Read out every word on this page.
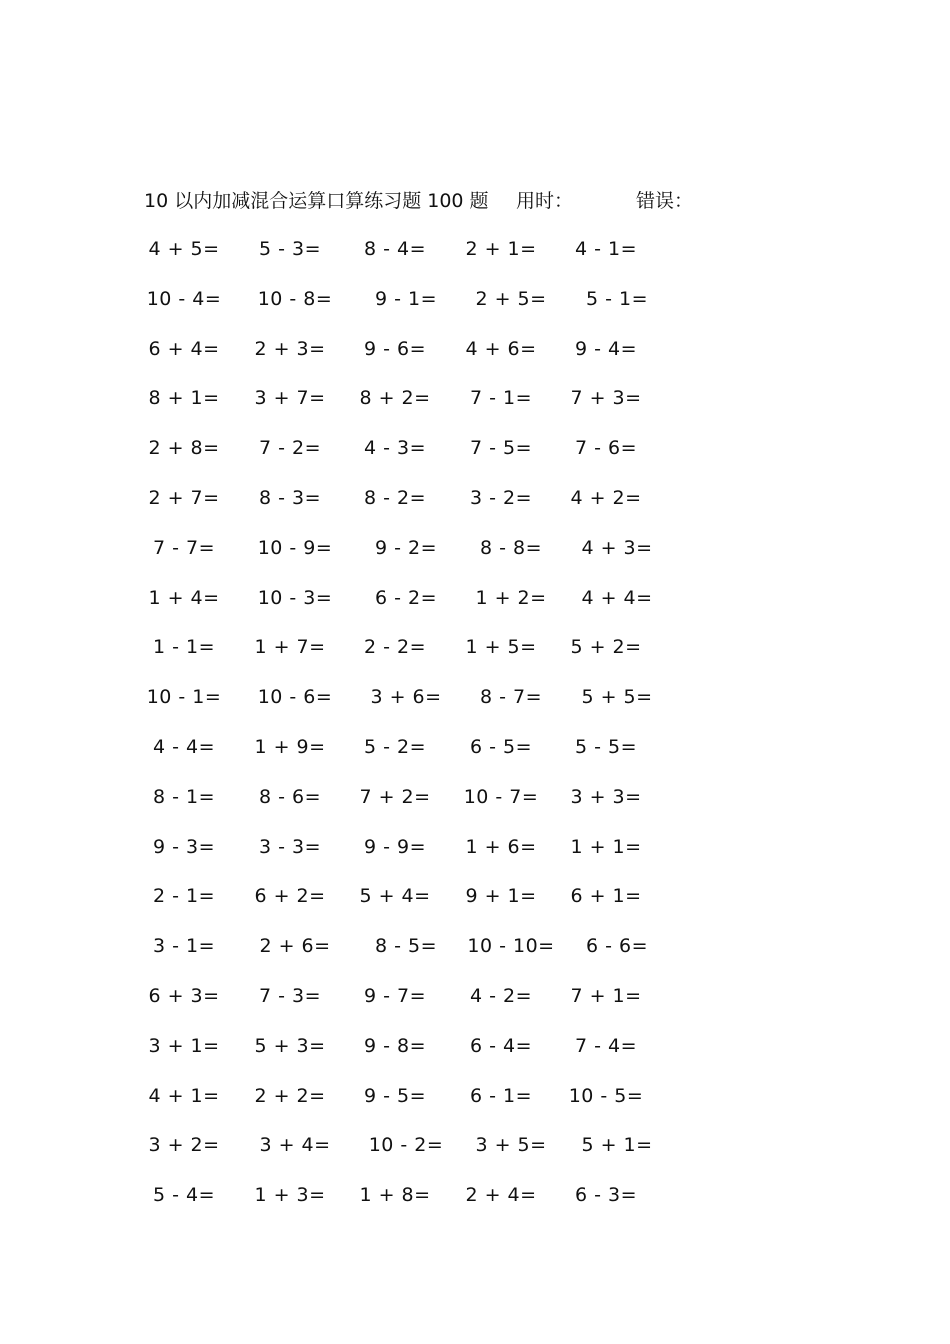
10 以内加减混合运算口算练习题 100 题 用时：	错误：
4 + 5=	5 - 3=	8 - 4=	2 + 1=	4 - 1=
10 - 4=	10 - 8=	9 - 1=	2 + 5=	5 - 1=
6 + 4=	2 + 3=	9 - 6=	4 + 6=	9 - 4=
8 + 1=	3 + 7=	8 + 2=	7 - 1=	7 + 3=
2 + 8=	7 - 2=	4 - 3=	7 - 5=	7 - 6=
2 + 7=	8 - 3=	8 - 2=	3 - 2=	4 + 2=
7 - 7=	10 - 9=	9 - 2=	8 - 8=	4 + 3=
1 + 4=	10 - 3=	6 - 2=	1 + 2=	4 + 4=
1 - 1=	1 + 7=	2 - 2=	1 + 5=	5 + 2=
10 - 1=	10 - 6=	3 + 6=	8 - 7=	5 + 5=
4 - 4=	1 + 9=	5 - 2=	6 - 5=	5 - 5=
8 - 1=	8 - 6=	7 + 2=	10 - 7=	3 + 3=
9 - 3=	3 - 3=	9 - 9=	1 + 6=	1 + 1=
2 - 1=	6 + 2=	5 + 4=	9 + 1=	6 + 1=
3 - 1=	2 + 6=	8 - 5=	10 - 10=	6 - 6=
6 + 3=	7 - 3=	9 - 7=	4 - 2=	7 + 1=
3 + 1=	5 + 3=	9 - 8=	6 - 4=	7 - 4=
4 + 1=	2 + 2=	9 - 5=	6 - 1=	10 - 5=
3 + 2=	3 + 4=	10 - 2=	3 + 5=	5 + 1=
5 - 4=	1 + 3=	1 + 8=	2 + 4=	6 - 3=
